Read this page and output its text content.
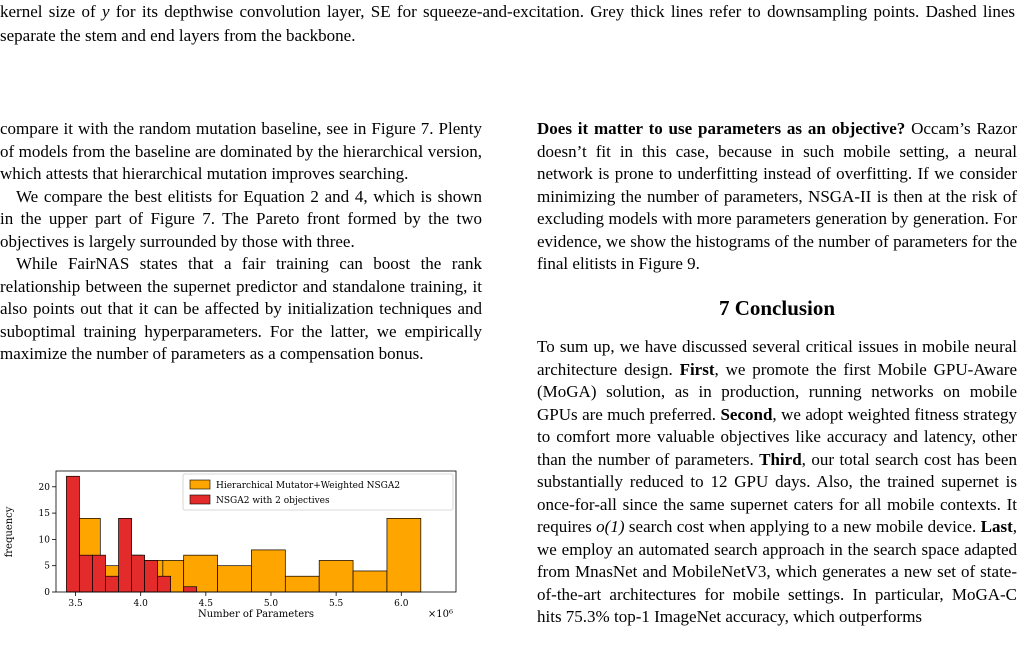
kernel size of y for its depthwise convolution layer, SE for squeeze-and-excitation. Grey thick lines refer to downsampling points. Dashed lines separate the stem and end layers from the backbone.

compare it with the random mutation baseline, see in Figure 7. Plenty of models from the baseline are dominated by the hierarchical version, which attests that hierarchical mutation improves searching.

We compare the best elitists for Equation 2 and 4, which is shown in the upper part of Figure 7. The Pareto front formed by the two objectives is largely surrounded by those with three.

While FairNAS states that a fair training can boost the rank relationship between the supernet predictor and standalone training, it also points out that it can be affected by initialization techniques and suboptimal training hyperparameters. For the latter, we empirically maximize the number of parameters as a compensation bonus.

Does it matter to use parameters as an objective? Occam’s Razor doesn’t fit in this case, because in such mobile setting, a neural network is prone to underfitting instead of overfitting. If we consider minimizing the number of parameters, NSGA-II is then at the risk of excluding models with more parameters generation by generation. For evidence, we show the histograms of the number of parameters for the final elitists in Figure 9.

7 Conclusion

To sum up, we have discussed several critical issues in mobile neural architecture design. First, we promote the first Mobile GPU-Aware (MoGA) solution, as in production, running networks on mobile GPUs are much preferred. Second, we adopt weighted fitness strategy to comfort more valuable objectives like accuracy and latency, other than the number of parameters. Third, our total search cost has been substantially reduced to 12 GPU days. Also, the trained supernet is once-for-all since the same supernet caters for all mobile contexts. It requires o(1) search cost when applying to a new mobile device. Last, we employ an automated search approach in the search space adapted from MnasNet and MobileNetV3, which generates a new set of state-of-the-art architectures for mobile settings. In particular, MoGA-C hits 75.3% top-1 ImageNet accuracy, which outperforms

3.5	4.0	4.5	5.0	5.5	6.0
0
5
10
15
20
frequency
Number of Parameters	×10⁶
Hierarchical Mutator+Weighted NSGA2
NSGA2 with 2 objectives
